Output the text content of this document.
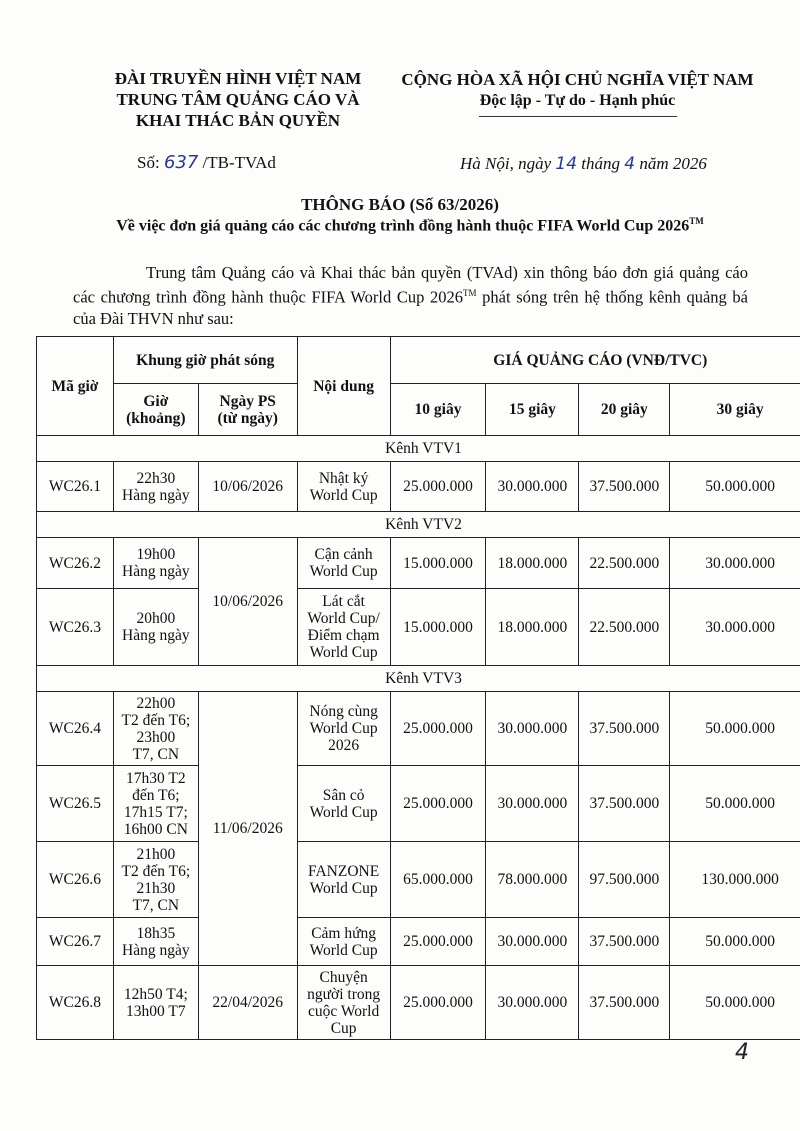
ĐÀI TRUYỀN HÌNH VIỆT NAM
TRUNG TÂM QUẢNG CÁO VÀ
KHAI THÁC BẢN QUYỀN
CỘNG HÒA XÃ HỘI CHỦ NGHĨA VIỆT NAM
Độc lập - Tự do - Hạnh phúc
Số: 637 /TB-TVAd	Hà Nội, ngày 14 tháng 4 năm 2026
THÔNG BÁO (Số 63/2026)
Về việc đơn giá quảng cáo các chương trình đồng hành thuộc FIFA World Cup 2026™
Trung tâm Quảng cáo và Khai thác bản quyền (TVAd) xin thông báo đơn giá quảng cáo các chương trình đồng hành thuộc FIFA World Cup 2026™ phát sóng trên hệ thống kênh quảng bá của Đài THVN như sau:
Mã giờ	Khung giờ phát sóng		Nội dung	GIÁ QUẢNG CÁO (VNĐ/TVC)			
	Giờ
(khoảng)	Ngày PS
(từ ngày)		10 giây	15 giây	20 giây	30 giây
Kênh VTV1							
WC26.1	22h30
Hàng ngày	10/06/2026	Nhật ký
World Cup	25.000.000	30.000.000	37.500.000	50.000.000
Kênh VTV2							
WC26.2	19h00
Hàng ngày	10/06/2026	Cận cảnh
World Cup	15.000.000	18.000.000	22.500.000	30.000.000
WC26.3	20h00
Hàng ngày		Lát cắt
World Cup/
Điểm chạm
World Cup	15.000.000	18.000.000	22.500.000	30.000.000
Kênh VTV3							
WC26.4	22h00
T2 đến T6;
23h00
T7, CN	11/06/2026	Nóng cùng
World Cup
2026	25.000.000	30.000.000	37.500.000	50.000.000
WC26.5	17h30 T2
đến T6;
17h15 T7;
16h00 CN		Sân cỏ
World Cup	25.000.000	30.000.000	37.500.000	50.000.000
WC26.6	21h00
T2 đến T6;
21h30
T7, CN		FANZONE
World Cup	65.000.000	78.000.000	97.500.000	130.000.000
WC26.7	18h35
Hàng ngày		Cảm hứng
World Cup	25.000.000	30.000.000	37.500.000	50.000.000
WC26.8	12h50 T4;
13h00 T7	22/04/2026	Chuyện
người trong
cuộc World
Cup	25.000.000	30.000.000	37.500.000	50.000.000
4
